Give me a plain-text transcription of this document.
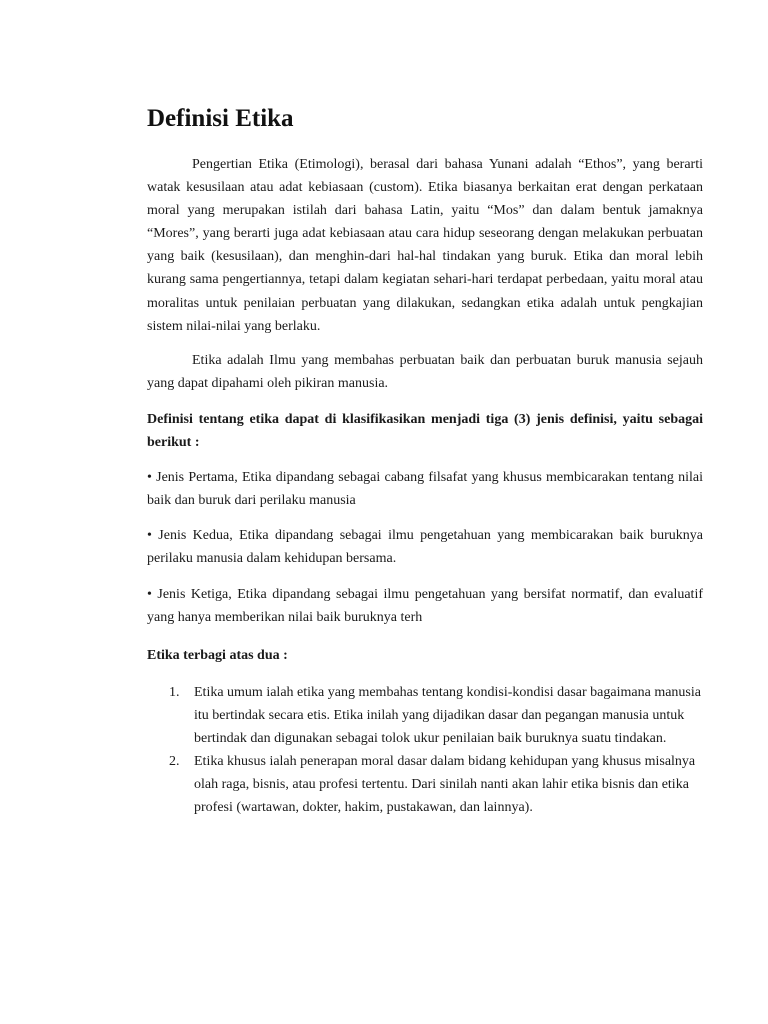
Definisi Etika

Pengertian Etika (Etimologi), berasal dari bahasa Yunani adalah “Ethos”, yang berarti watak kesusilaan atau adat kebiasaan (custom). Etika biasanya berkaitan erat dengan perkataan moral yang merupakan istilah dari bahasa Latin, yaitu “Mos” dan dalam bentuk jamaknya “Mores”, yang berarti juga adat kebiasaan atau cara hidup seseorang dengan melakukan perbuatan yang baik (kesusilaan), dan menghin-dari hal-hal tindakan yang buruk. Etika dan moral lebih kurang sama pengertiannya, tetapi dalam kegiatan sehari-hari terdapat perbedaan, yaitu moral atau moralitas untuk penilaian perbuatan yang dilakukan, sedangkan etika adalah untuk pengkajian sistem nilai-nilai yang berlaku.

Etika adalah Ilmu yang membahas perbuatan baik dan perbuatan buruk manusia sejauh yang dapat dipahami oleh pikiran manusia.

Definisi tentang etika dapat di klasifikasikan menjadi tiga (3) jenis definisi, yaitu sebagai berikut :

• Jenis Pertama, Etika dipandang sebagai cabang filsafat yang khusus membicarakan tentang nilai baik dan buruk dari perilaku manusia

• Jenis Kedua, Etika dipandang sebagai ilmu pengetahuan yang membicarakan baik buruknya perilaku manusia dalam kehidupan bersama.

• Jenis Ketiga, Etika dipandang sebagai ilmu pengetahuan yang bersifat normatif, dan evaluatif yang hanya memberikan nilai baik buruknya terh

Etika terbagi atas dua :

1. Etika umum ialah etika yang membahas tentang kondisi-kondisi dasar bagaimana manusia itu bertindak secara etis. Etika inilah yang dijadikan dasar dan pegangan manusia untuk bertindak dan digunakan sebagai tolok ukur penilaian baik buruknya suatu tindakan.
2. Etika khusus ialah penerapan moral dasar dalam bidang kehidupan yang khusus misalnya olah raga, bisnis, atau profesi tertentu. Dari sinilah nanti akan lahir etika bisnis dan etika profesi (wartawan, dokter, hakim, pustakawan, dan lainnya).
